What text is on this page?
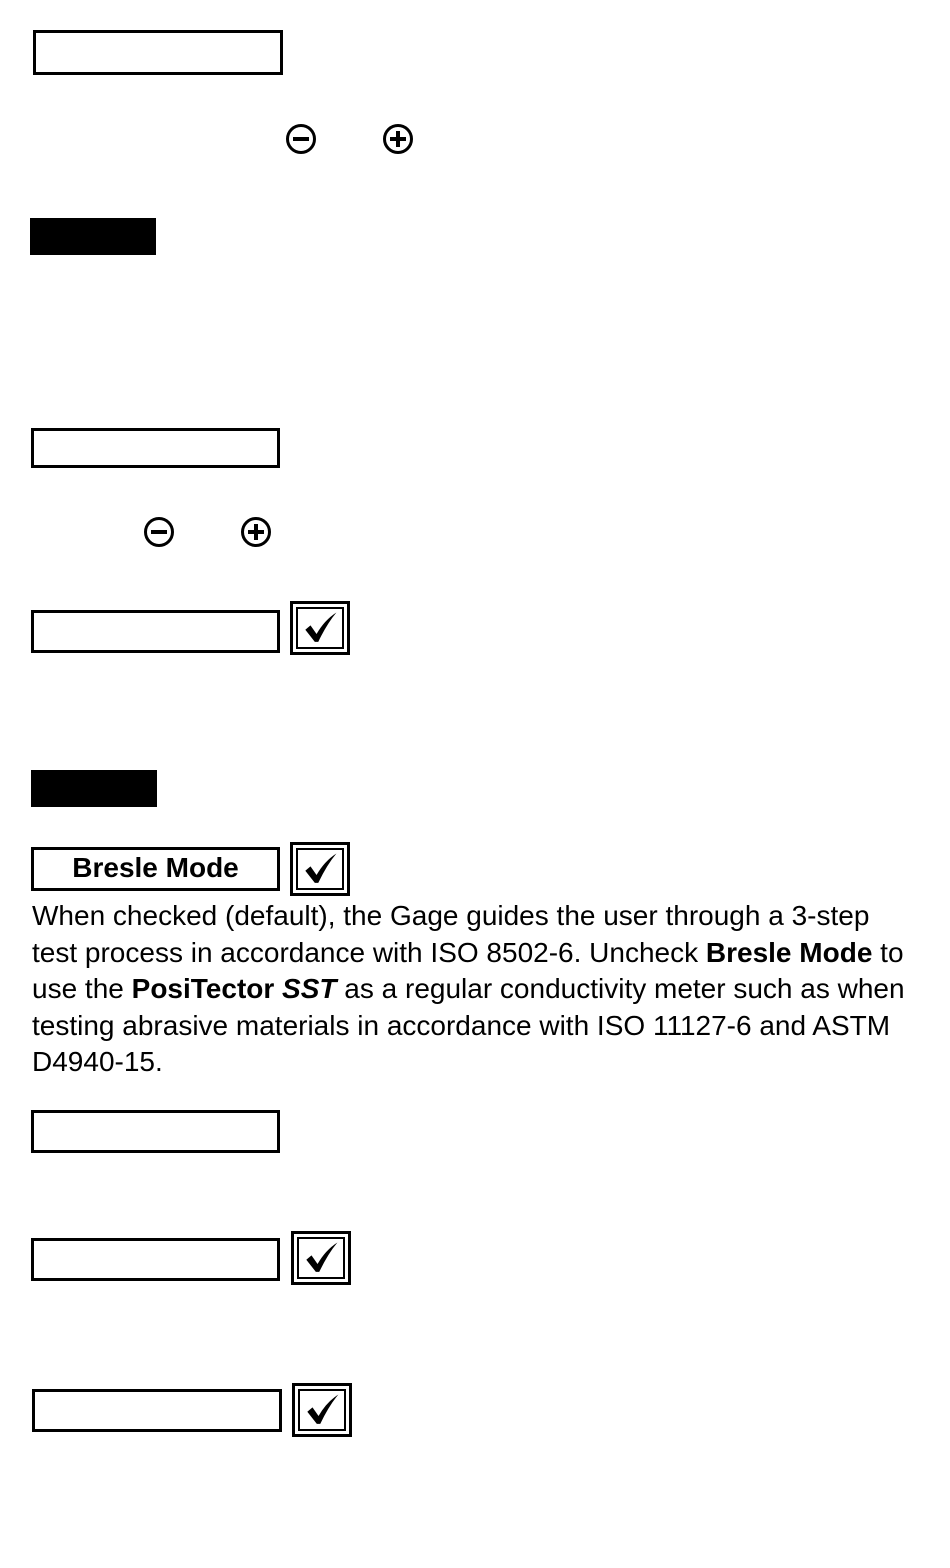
Bresle Mode

When checked (default), the Gage guides the user through a 3-step test process in accordance with ISO 8502-6. Uncheck Bresle Mode to use the PosiTector SST as a regular conductivity meter such as when testing abrasive materials in accordance with ISO 11127-6 and ASTM D4940-15.
